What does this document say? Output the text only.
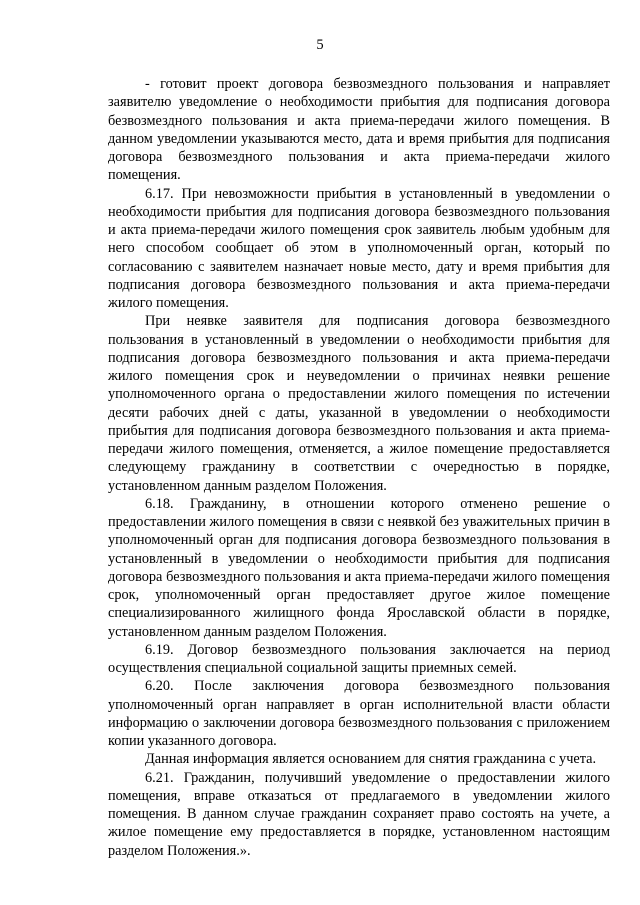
5

- готовит проект договора безвозмездного пользования и направляет заявителю уведомление о необходимости прибытия для подписания договора безвозмездного пользования и акта приема-передачи жилого помещения. В данном уведомлении указываются место, дата и время прибытия для подписания договора безвозмездного пользования и акта приема-передачи жилого помещения.

6.17. При невозможности прибытия в установленный в уведомлении о необходимости прибытия для подписания договора безвозмездного пользования и акта приема-передачи жилого помещения срок заявитель любым удобным для него способом сообщает об этом в уполномоченный орган, который по согласованию с заявителем назначает новые место, дату и время прибытия для подписания договора безвозмездного пользования и акта приема-передачи жилого помещения.

При неявке заявителя для подписания договора безвозмездного пользования в установленный в уведомлении о необходимости прибытия для подписания договора безвозмездного пользования и акта приема-передачи жилого помещения срок и неуведомлении о причинах неявки решение уполномоченного органа о предоставлении жилого помещения по истечении десяти рабочих дней с даты, указанной в уведомлении о необходимости прибытия для подписания договора безвозмездного пользования и акта приема-передачи жилого помещения, отменяется, а жилое помещение предоставляется следующему гражданину в соответствии с очередностью в порядке, установленном данным разделом Положения.

6.18. Гражданину, в отношении которого отменено решение о предоставлении жилого помещения в связи с неявкой без уважительных причин в уполномоченный орган для подписания договора безвозмездного пользования в установленный в уведомлении о необходимости прибытия для подписания договора безвозмездного пользования и акта приема-передачи жилого помещения срок, уполномоченный орган предоставляет другое жилое помещение специализированного жилищного фонда Ярославской области в порядке, установленном данным разделом Положения.

6.19. Договор безвозмездного пользования заключается на период осуществления специальной социальной защиты приемных семей.

6.20. После заключения договора безвозмездного пользования уполномоченный орган направляет в орган исполнительной власти области информацию о заключении договора безвозмездного пользования с приложением копии указанного договора.

Данная информация является основанием для снятия гражданина с учета.

6.21. Гражданин, получивший уведомление о предоставлении жилого помещения, вправе отказаться от предлагаемого в уведомлении жилого помещения. В данном случае гражданин сохраняет право состоять на учете, а жилое помещение ему предоставляется в порядке, установленном настоящим разделом Положения.».
